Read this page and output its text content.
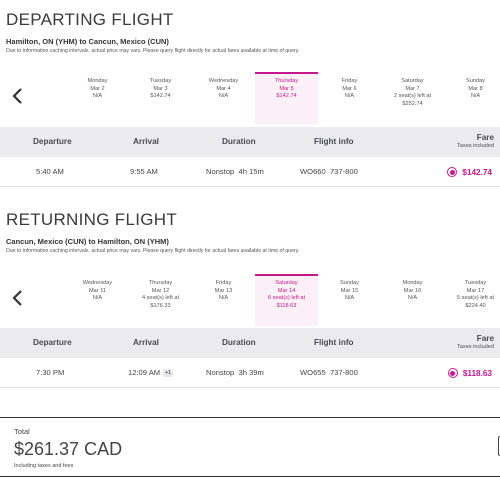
DEPARTING FLIGHT
Hamilton, ON (YHM) to Cancun, Mexico (CUN)
Due to information caching intervals, actual price may vary. Please query flight directly for actual fares available at time of query.
Monday
Mar 2
N/A
Tuesday
Mar 3
$142.74
Wednesday
Mar 4
N/A
Thursday
Mar 5
$142.74
Friday
Mar 6
N/A
Saturday
Mar 7
2 seat(s) left at
$252.74
Sunday
Mar 8
N/A
Departure	Arrival	Duration	Flight info	Fare
Taxes included
5:40 AM	9:55 AM	Nonstop  4h 15m	WO660  737-800	$142.74
RETURNING FLIGHT
Cancun, Mexico (CUN) to Hamilton, ON (YHM)
Due to information caching intervals, actual price may vary. Please query flight directly for actual fares available at time of query.
Wednesday
Mar 11
N/A
Thursday
Mar 12
4 seat(s) left at
$176.33
Friday
Mar 13
N/A
Saturday
Mar 14
6 seat(s) left at
$118.63
Sunday
Mar 15
N/A
Monday
Mar 16
N/A
Tuesday
Mar 17
5 seat(s) left at
$224.40
Departure	Arrival	Duration	Flight info	Fare
Taxes included
7:30 PM	12:09 AM +1	Nonstop  3h 39m	WO655  737-800	$118.63
Total
$261.37 CAD
Including taxes and fees
